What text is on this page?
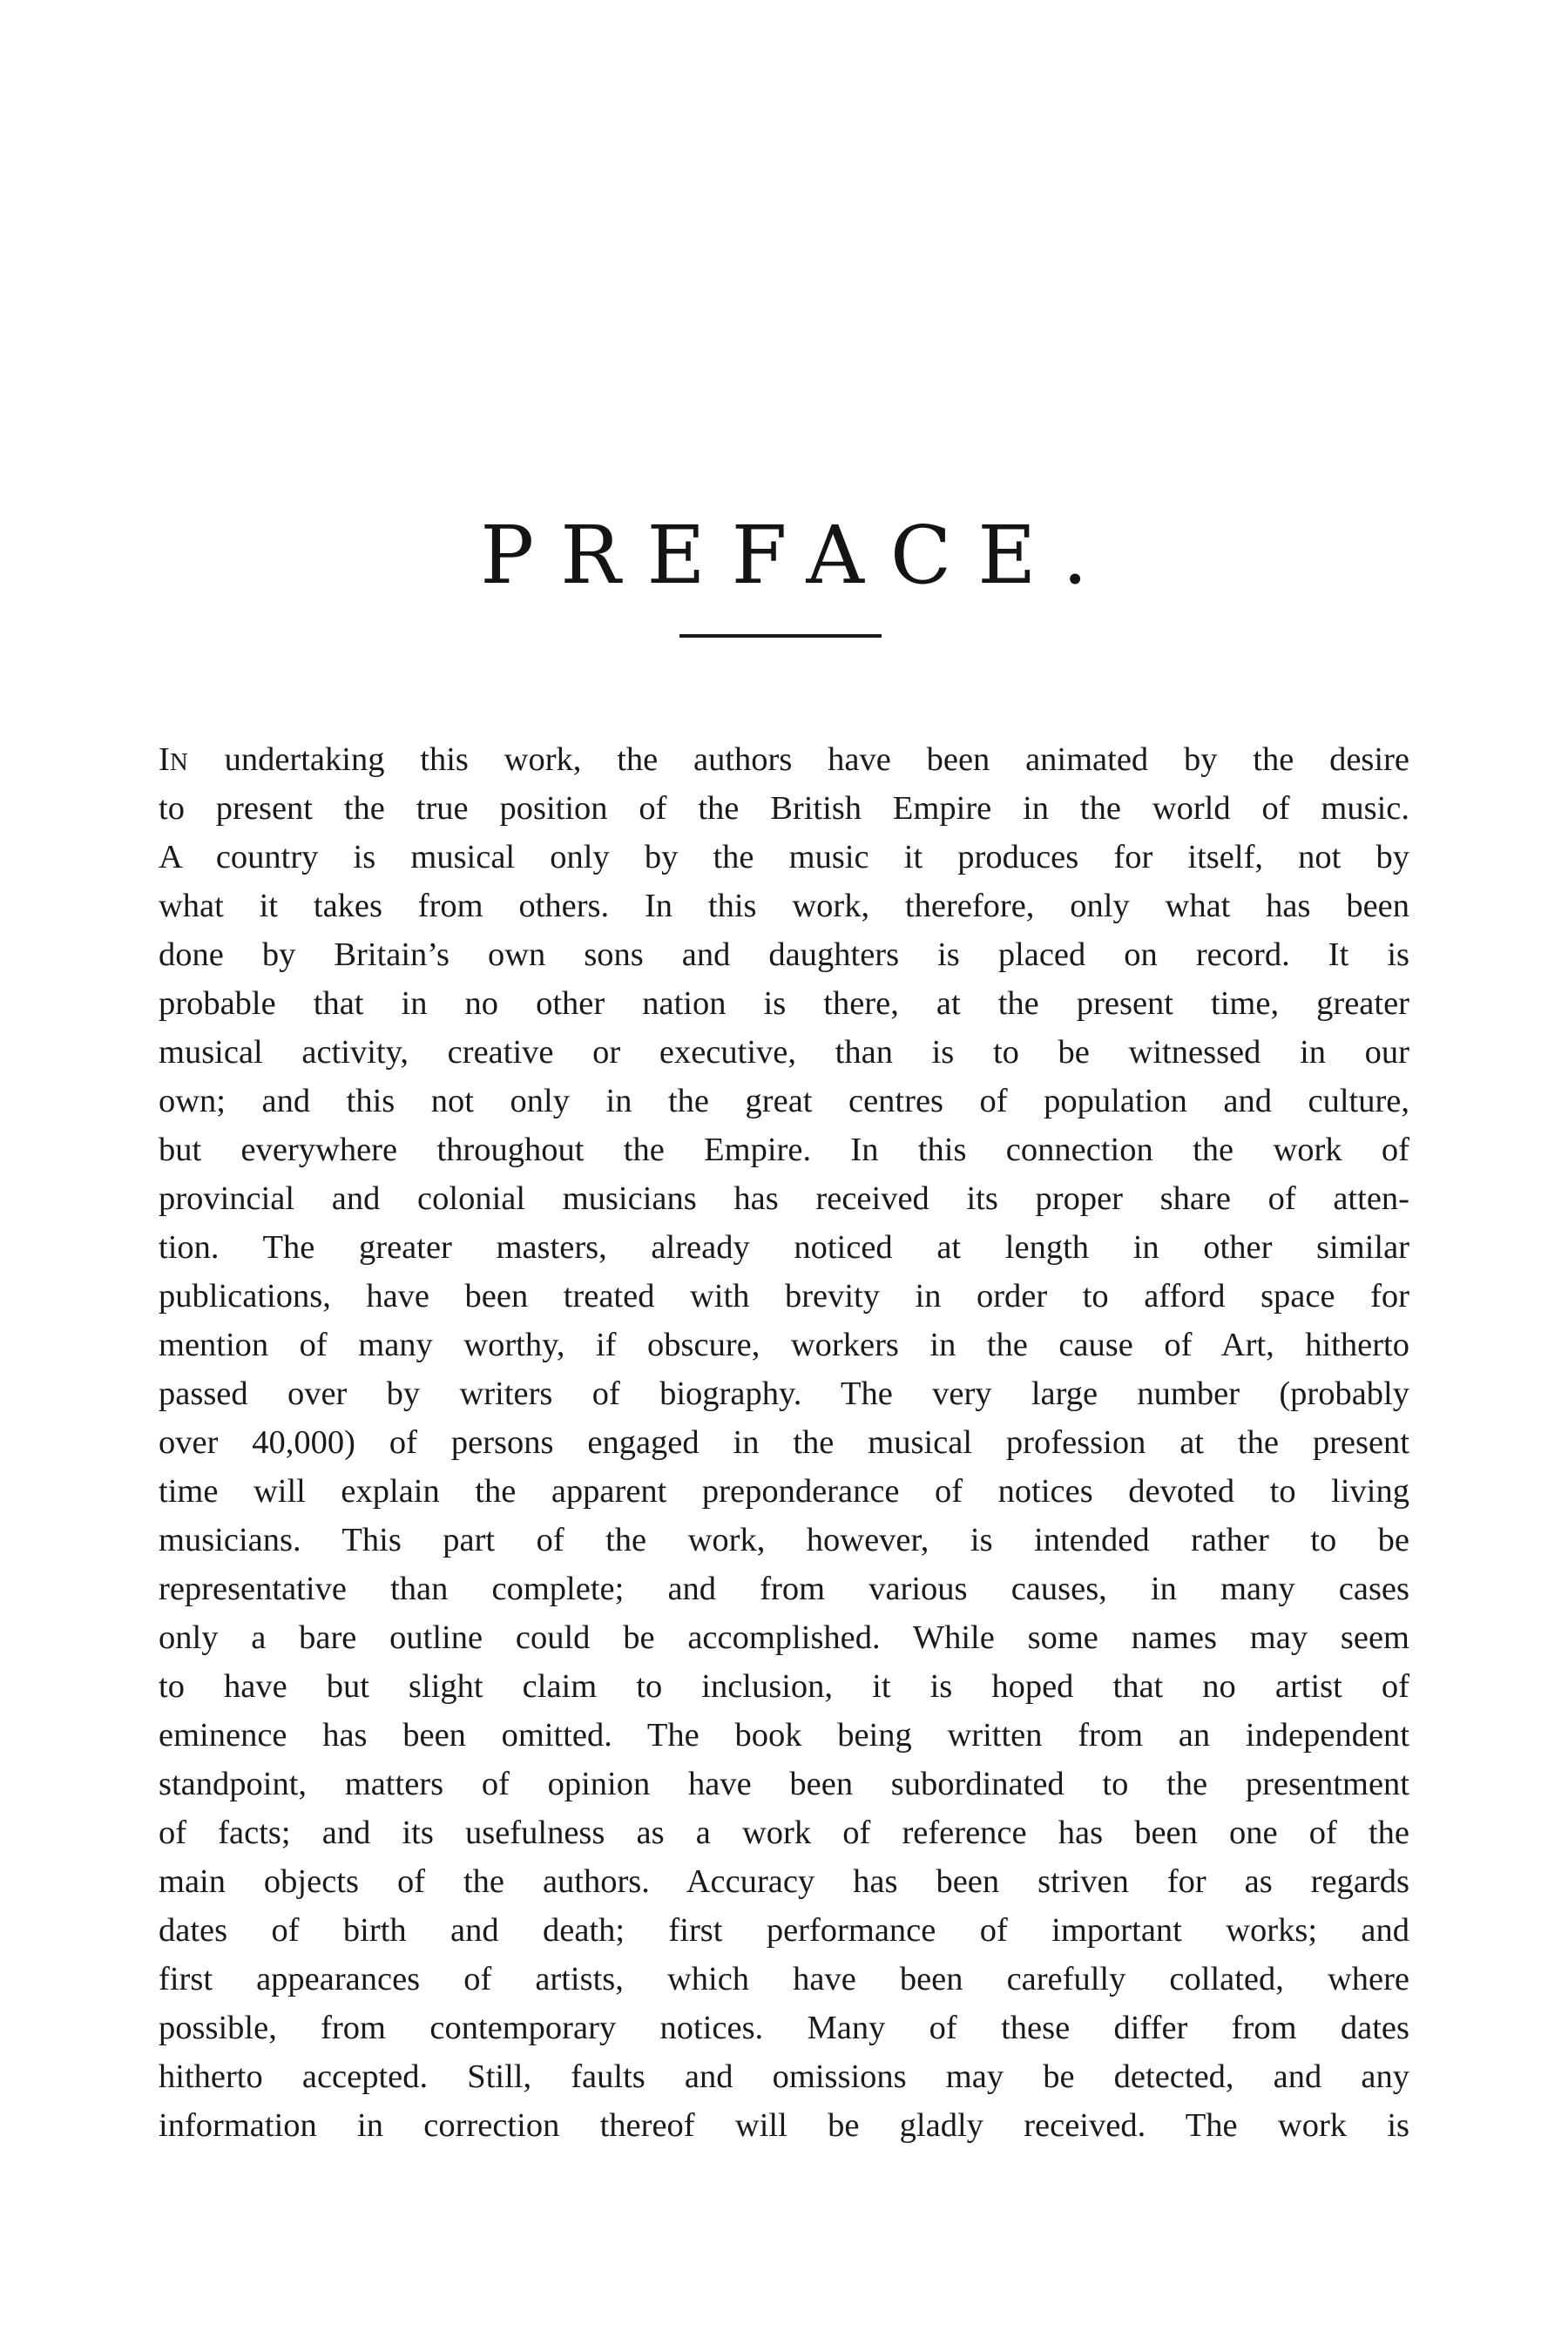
PREFACE.
IN undertaking this work, the authors have been animated by the desire
to present the true position of the British Empire in the world of music.
A country is musical only by the music it produces for itself, not by
what it takes from others. In this work, therefore, only what has been
done by Britain’s own sons and daughters is placed on record. It is
probable that in no other nation is there, at the present time, greater
musical activity, creative or executive, than is to be witnessed in our
own; and this not only in the great centres of population and culture,
but everywhere throughout the Empire. In this connection the work of
provincial and colonial musicians has received its proper share of atten-
tion. The greater masters, already noticed at length in other similar
publications, have been treated with brevity in order to afford space for
mention of many worthy, if obscure, workers in the cause of Art, hitherto
passed over by writers of biography. The very large number (probably
over 40,000) of persons engaged in the musical profession at the present
time will explain the apparent preponderance of notices devoted to living
musicians. This part of the work, however, is intended rather to be
representative than complete; and from various causes, in many cases
only a bare outline could be accomplished. While some names may seem
to have but slight claim to inclusion, it is hoped that no artist of
eminence has been omitted. The book being written from an independent
standpoint, matters of opinion have been subordinated to the presentment
of facts; and its usefulness as a work of reference has been one of the
main objects of the authors. Accuracy has been striven for as regards
dates of birth and death; first performance of important works; and
first appearances of artists, which have been carefully collated, where
possible, from contemporary notices. Many of these differ from dates
hitherto accepted. Still, faults and omissions may be detected, and any
information in correction thereof will be gladly received. The work is
